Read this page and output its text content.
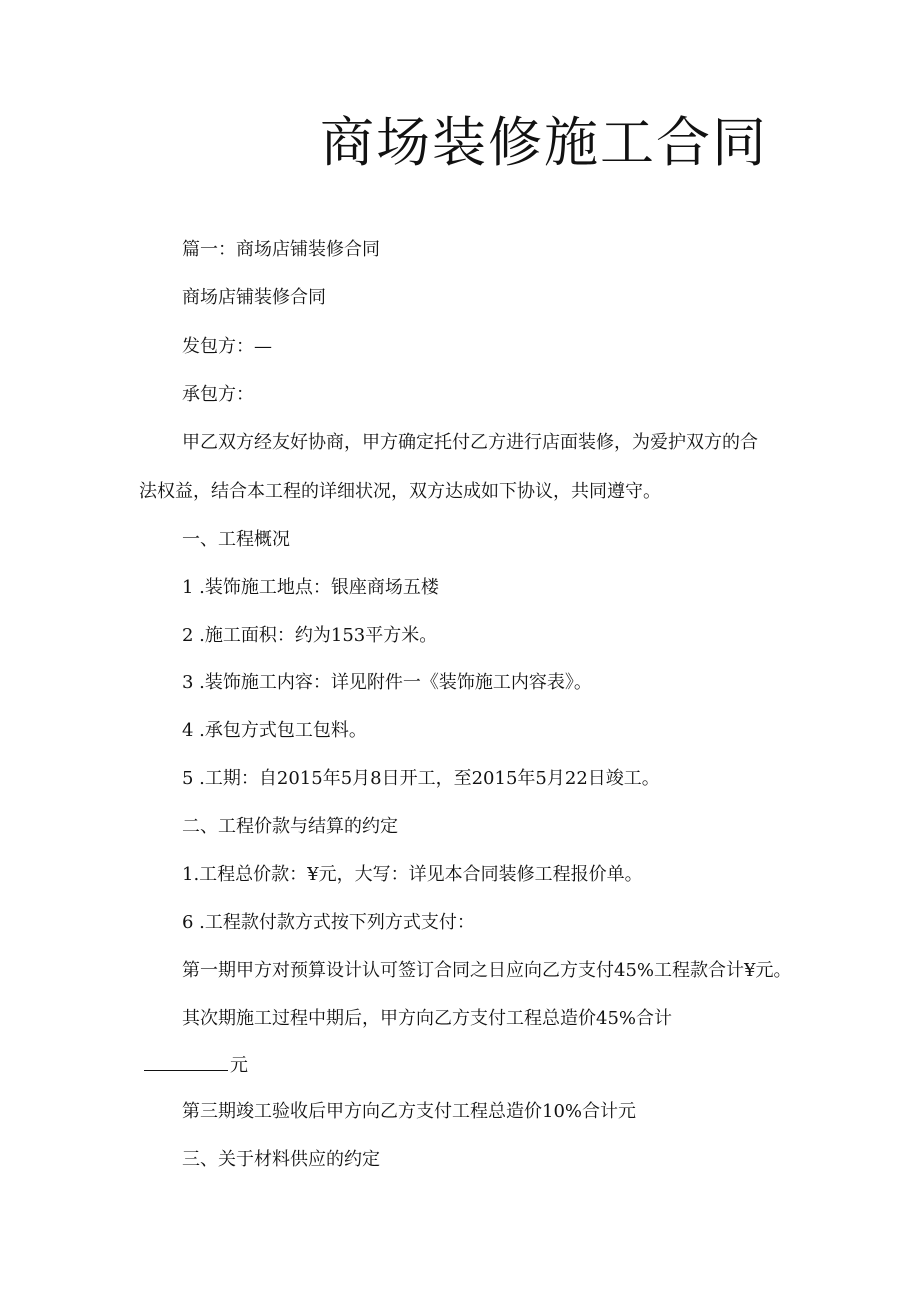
商场装修施工合同

篇一：商场店铺装修合同

商场店铺装修合同

发包方：—

承包方：

甲乙双方经友好协商，甲方确定托付乙方进行店面装修，为爱护双方的合

法权益，结合本工程的详细状况，双方达成如下协议，共同遵守。

一、工程概况

1 .装饰施工地点：银座商场五楼

2 .施工面积：约为153平方米。

3 .装饰施工内容：详见附件一《装饰施工内容表》。

4 .承包方式包工包料。

5 .工期：自2015年5月8日开工，至2015年5月22日竣工。

二、工程价款与结算的约定

1.工程总价款：¥元，大写：详见本合同装修工程报价单。

6 .工程款付款方式按下列方式支付：

第一期甲方对预算设计认可签订合同之日应向乙方支付45%工程款合计¥元。

其次期施工过程中期后，甲方向乙方支付工程总造价45%合计

元

第三期竣工验收后甲方向乙方支付工程总造价10%合计元

三、关于材料供应的约定
